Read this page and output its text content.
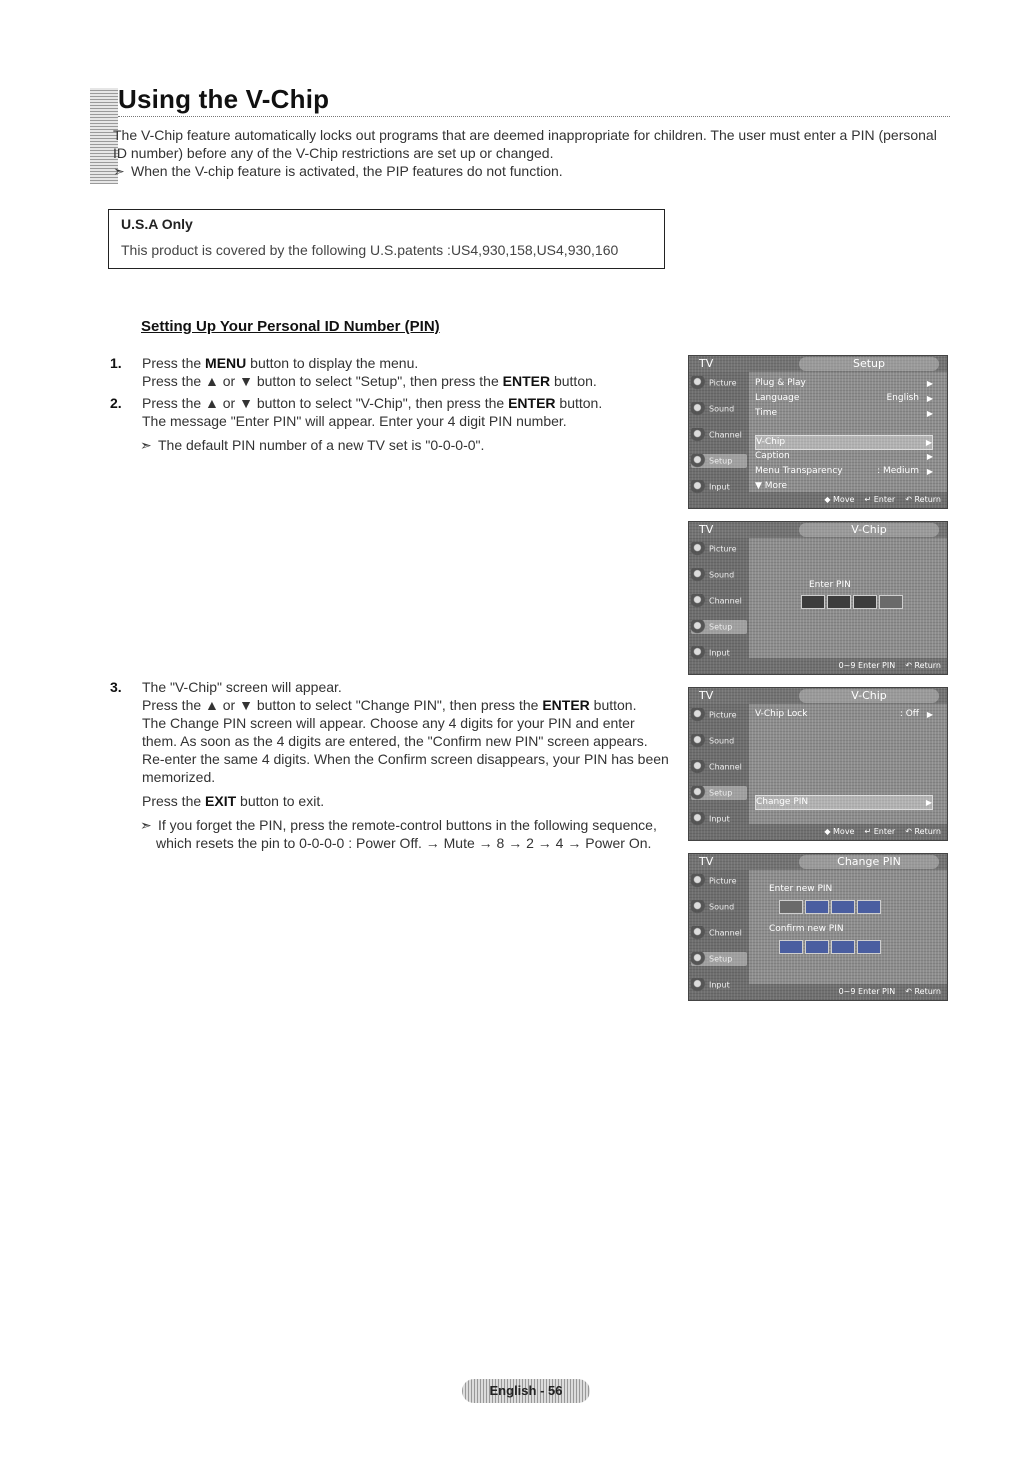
Using the V-Chip

The V-Chip feature automatically locks out programs that are deemed inappropriate for children. The user must enter a PIN (personal ID number) before any of the V-Chip restrictions are set up or changed.

➣ When the V-chip feature is activated, the PIP features do not function.

U.S.A Only
This product is covered by the following U.S.patents :US4,930,158,US4,930,160
Setting Up Your Personal ID Number (PIN)
1. Press the MENU button to display the menu.

Press the ▲ or ▼ button to select "Setup", then press the ENTER button.

2. Press the ▲ or ▼ button to select "V-Chip", then press the ENTER button.

The message "Enter PIN" will appear. Enter your 4 digit PIN number.

➣ The default PIN number of a new TV set is "0-0-0-0".

3. The "V-Chip" screen will appear.

Press the ▲ or ▼ button to select "Change PIN", then press the ENTER button.

The Change PIN screen will appear. Choose any 4 digits for your PIN and enter them. As soon as the 4 digits are entered, the "Confirm new PIN" screen appears. Re-enter the same 4 digits. When the Confirm screen disappears, your PIN has been memorized.

Press the EXIT button to exit.

➣ If you forget the PIN, press the remote-control buttons in the following sequence, which resets the pin to 0-0-0-0 : Power Off. → Mute → 8 → 2 → 4 → Power On.

TV	Setup
Picture
Sound
Channel
Setup
Input
Plug & Play	▶
Language	English ▶
Time	▶
V-Chip	▶
Caption	▶
Menu Transparency	: Medium ▶
▼ More
◆ Move ↵ Enter ↶ Return
TV	V-Chip
Picture
Sound
Channel
Setup
Input
Enter PIN
0~9 Enter PIN ↶ Return
TV	V-Chip
Picture
Sound
Channel
Setup
Input
V-Chip Lock	: Off ▶
Change PIN	▶
◆ Move ↵ Enter ↶ Return
TV	Change PIN
Picture
Sound
Channel
Setup
Input
Enter new PIN
Confirm new PIN
0~9 Enter PIN ↶ Return
English - 56
